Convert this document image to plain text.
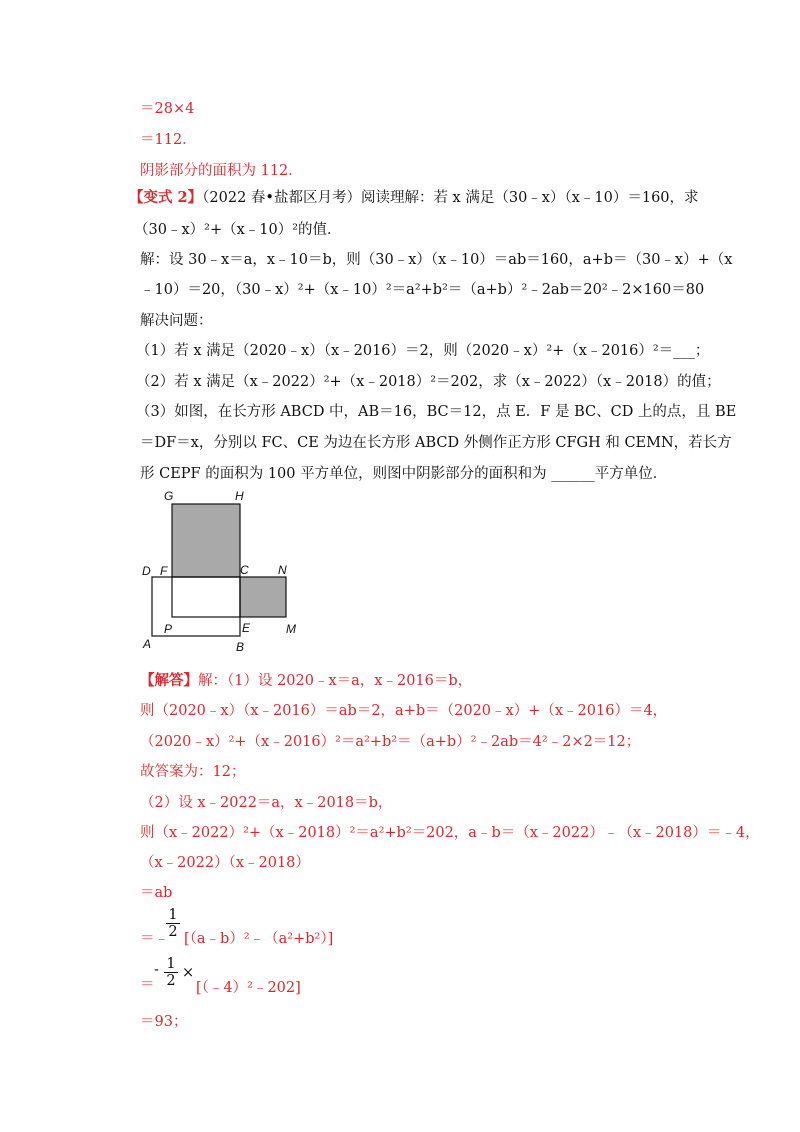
＝28×4
＝112．
阴影部分的面积为 112．
【变式 2】（2022 春•盐都区月考）阅读理解：若 x 满足（30﹣x）（x﹣10）＝160，求
（30﹣x）²+（x﹣10）²的值．
解：设 30﹣x＝a，x﹣10＝b，则（30﹣x）（x﹣10）＝ab＝160，a+b＝（30﹣x）+（x
﹣10）＝20，（30﹣x）²+（x﹣10）²＝a²+b²＝（a+b）²﹣2ab＝20²﹣2×160＝80
解决问题：
（1）若 x 满足（2020﹣x）（x﹣2016）＝2，则（2020﹣x）²+（x﹣2016）²＝___；
（2）若 x 满足（x﹣2022）²+（x﹣2018）²＝202，求（x﹣2022）（x﹣2018）的值；
（3）如图，在长方形 ABCD 中，AB＝16，BC＝12，点 E．F 是 BC、CD 上的点，且 BE
＝DF＝x，分别以 FC、CE 为边在长方形 ABCD 外侧作正方形 CFGH 和 CEMN，若长方
形 CEPF 的面积为 100 平方单位，则图中阴影部分的面积和为 ______平方单位．
G	H
D F	C N
P	E	M
A	B
【解答】解：（1）设 2020﹣x＝a，x﹣2016＝b，
则（2020﹣x）（x﹣2016）＝ab＝2，a+b＝（2020﹣x）+（x﹣2016）＝4，
（2020﹣x）²+（x﹣2016）²＝a²+b²＝（a+b）²﹣2ab＝4²﹣2×2＝12；
故答案为：12；
（2）设 x﹣2022＝a，x﹣2018＝b，
则（x﹣2022）²+（x﹣2018）²＝a²+b²＝202，a﹣b＝（x﹣2022）﹣（x﹣2018）＝﹣4，
（x﹣2022）（x﹣2018）
＝ab
＝﹣
$\frac{1}{2}$ [（a﹣b）²﹣（a²+b²）]
＝
- $\frac{1}{2}$ ×
[（﹣4）²﹣202]
＝93；
